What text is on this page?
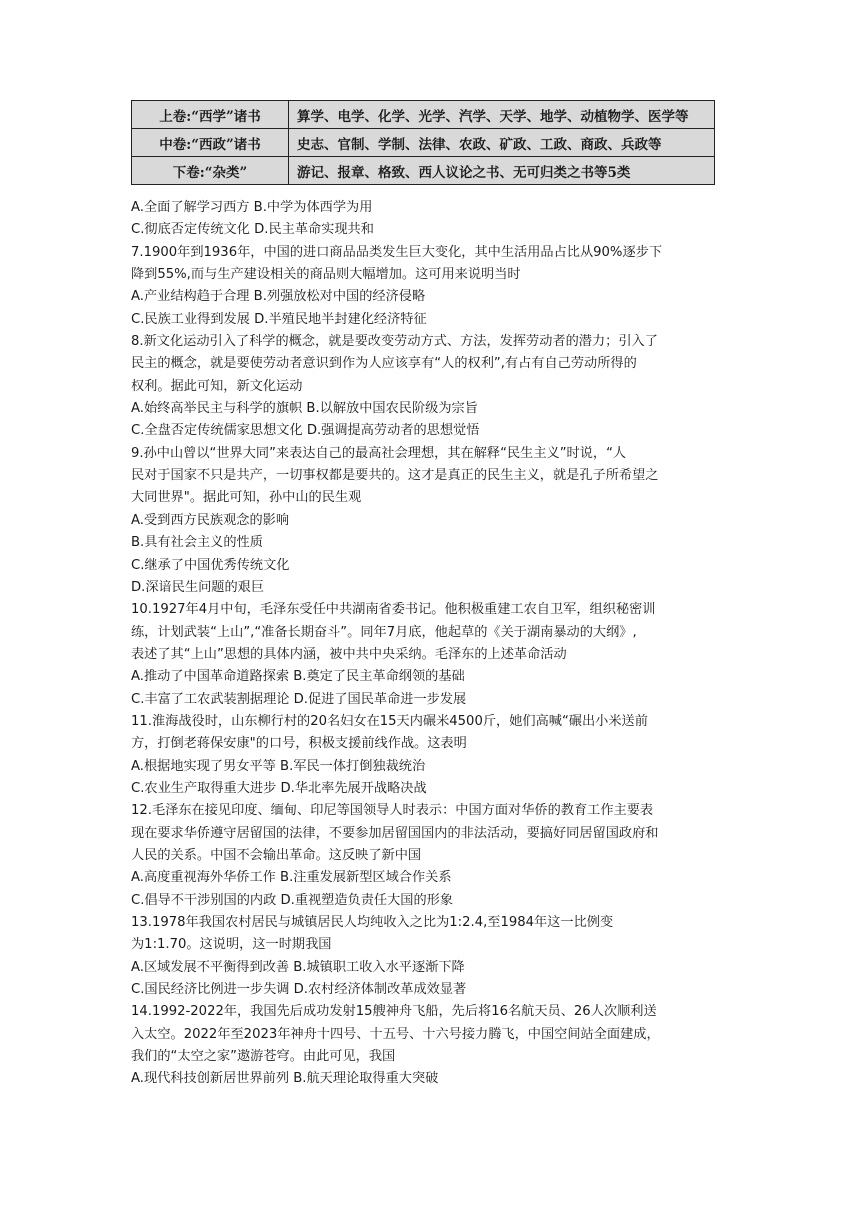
上卷:“西学”诸书	算学、电学、化学、光学、汽学、天学、地学、动植物学、医学等
中卷:“西政”诸书	史志、官制、学制、法律、农政、矿政、工政、商政、兵政等
下卷:“杂类”	游记、报章、格致、西人议论之书、无可归类之书等5类

A.全面了解学习西方 B.中学为体西学为用

C.彻底否定传统文化 D.民主革命实现共和

7.1900年到1936年，中国的进口商品品类发生巨大变化，其中生活用品占比从90%逐步下

降到55%,而与生产建设相关的商品则大幅增加。这可用来说明当时

A.产业结构趋于合理 B.列强放松对中国的经济侵略

C.民族工业得到发展 D.半殖民地半封建化经济特征

8.新文化运动引入了科学的概念，就是要改变劳动方式、方法，发挥劳动者的潜力；引入了

民主的概念，就是要使劳动者意识到作为人应该享有“人的权利”,有占有自己劳动所得的

权利。据此可知，新文化运动

A.始终高举民主与科学的旗帜 B.以解放中国农民阶级为宗旨

C.全盘否定传统儒家思想文化 D.强调提高劳动者的思想觉悟

9.孙中山曾以“世界大同”来表达自己的最高社会理想，其在解释“民生主义”时说，“人

民对于国家不只是共产，一切事权都是要共的。这才是真正的民生主义，就是孔子所希望之

大同世界"。据此可知，孙中山的民生观

A.受到西方民族观念的影响

B.具有社会主义的性质

C.继承了中国优秀传统文化

D.深谙民生问题的艰巨

10.1927年4月中旬，毛泽东受任中共湖南省委书记。他积极重建工农自卫军，组织秘密训

练，计划武装“上山”,“准备长期奋斗”。同年7月底，他起草的《关于湖南暴动的大纲》,

表述了其“上山”思想的具体内涵，被中共中央采纳。毛泽东的上述革命活动

A.推动了中国革命道路探索 B.奠定了民主革命纲领的基础

C.丰富了工农武装割据理论 D.促进了国民革命进一步发展

11.淮海战役时，山东柳行村的20名妇女在15天内碾米4500斤，她们高喊“碾出小米送前

方，打倒老蒋保安康"的口号，积极支援前线作战。这表明

A.根据地实现了男女平等 B.军民一体打倒独裁统治

C.农业生产取得重大进步 D.华北率先展开战略决战

12.毛泽东在接见印度、缅甸、印尼等国领导人时表示：中国方面对华侨的教育工作主要表

现在要求华侨遵守居留国的法律，不要参加居留国国内的非法活动，要搞好同居留国政府和

人民的关系。中国不会输出革命。这反映了新中国

A.高度重视海外华侨工作 B.注重发展新型区域合作关系

C.倡导不干涉别国的内政 D.重视塑造负责任大国的形象

13.1978年我国农村居民与城镇居民人均纯收入之比为1:2.4,至1984年这一比例变

为1:1.70。这说明，这一时期我国

A.区域发展不平衡得到改善 B.城镇职工收入水平逐渐下降

C.国民经济比例进一步失调 D.农村经济体制改革成效显著

14.1992-2022年，我国先后成功发射15艘神舟飞船，先后将16名航天员、26人次顺利送

入太空。2022年至2023年神舟十四号、十五号、十六号接力腾飞，中国空间站全面建成，

我们的“太空之家”遨游苍穹。由此可见，我国

A.现代科技创新居世界前列 B.航天理论取得重大突破
